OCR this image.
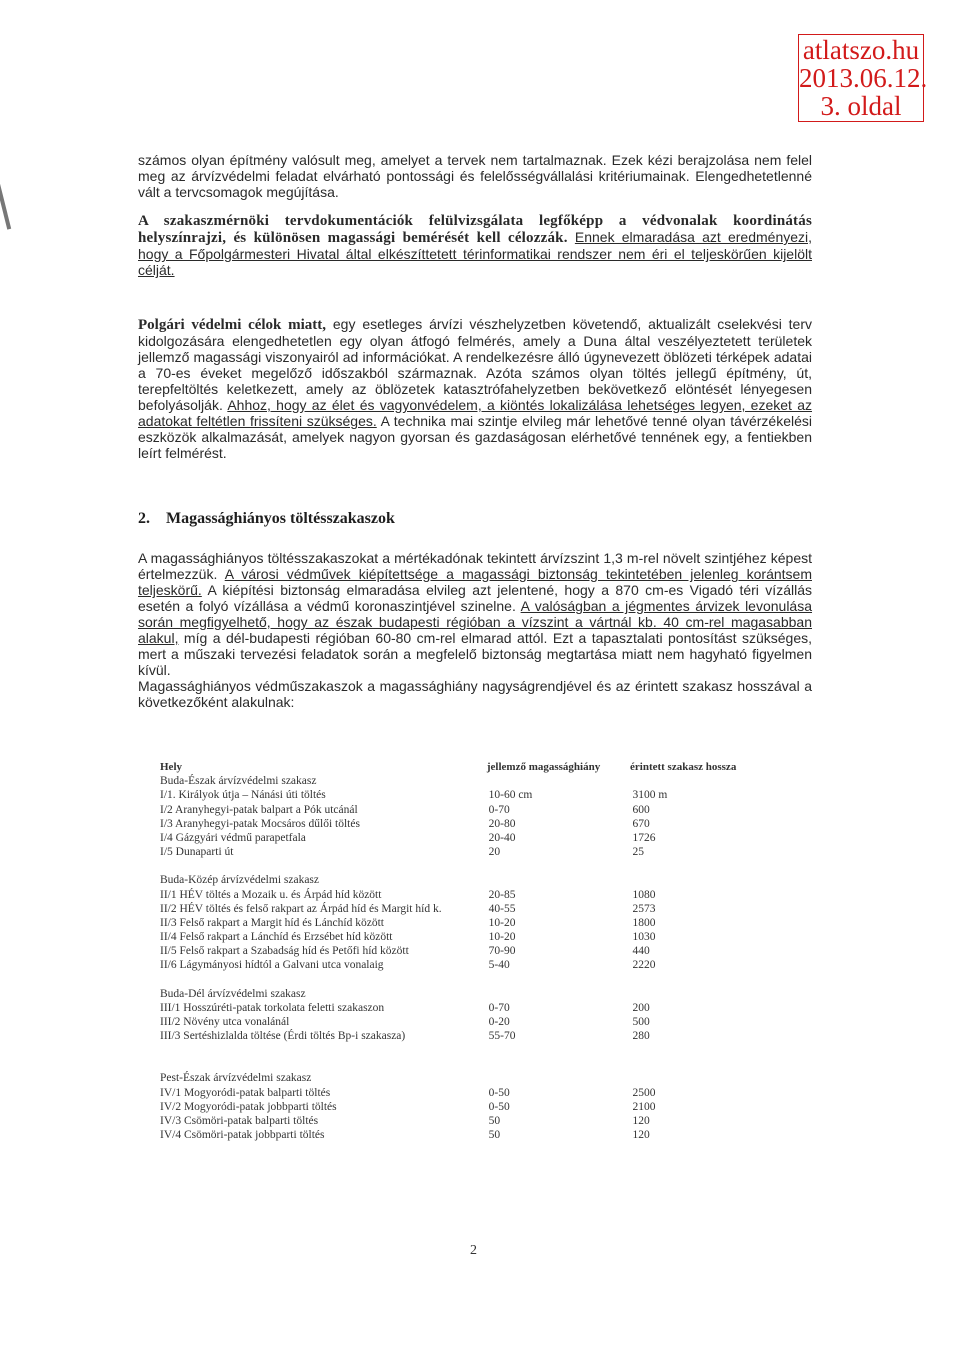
atlatszo.hu
2013.06.12.
3. oldal
számos olyan építmény valósult meg, amelyet a tervek nem tartalmaznak. Ezek kézi berajzolása nem felel meg az árvízvédelmi feladat elvárható pontossági és felelősségvállalási kritériumainak. Elengedhetetlenné vált a tervcsomagok megújítása.
A szakaszmérnöki tervdokumentációk felülvizsgálata legfőképp a védvonalak koordinátás helyszínrajzi, és különösen magassági bemérését kell célozzák. Ennek elmaradása azt eredményezi, hogy a Főpolgármesteri Hivatal által elkészíttetett térinformatikai rendszer nem éri el teljeskörűen kijelölt célját.
Polgári védelmi célok miatt, egy esetleges árvízi vészhelyzetben követendő, aktualizált cselekvési terv kidolgozására elengedhetetlen egy olyan átfogó felmérés, amely a Duna által veszélyeztetett területek jellemző magassági viszonyairól ad információkat. A rendelkezésre álló úgynevezett öblözeti térképek adatai a 70-es éveket megelőző időszakból származnak. Azóta számos olyan töltés jellegű építmény, út, terepfeltöltés keletkezett, amely az öblözetek katasztrófahelyzetben bekövetkező elöntését lényegesen befolyásolják. Ahhoz, hogy az élet és vagyonvédelem, a kiöntés lokalizálása lehetséges legyen, ezeket az adatokat feltétlen frissíteni szükséges. A technika mai szintje elvileg már lehetővé tenné olyan távérzékelési eszközök alkalmazását, amelyek nagyon gyorsan és gazdaságosan elérhetővé tennének egy, a fentiekben leírt felmérést.
2. Magassághiányos töltésszakaszok
A magassághiányos töltésszakaszokat a mértékadónak tekintett árvízszint 1,3 m-rel növelt szintjéhez képest értelmezzük. A városi védművek kiépítettsége a magassági biztonság tekintetében jelenleg korántsem teljeskörű. A kiépítési biztonság elmaradása elvileg azt jelentené, hogy a 870 cm-es Vigadó téri vízállás esetén a folyó vízállása a védmű koronaszintjével szinelne. A valóságban a jégmentes árvizek levonulása során megfigyelhető, hogy az észak budapesti régióban a vízszint a vártnál kb. 40 cm-rel magasabban alakul, míg a dél-budapesti régióban 60-80 cm-rel elmarad attól. Ezt a tapasztalati pontosítást szükséges, mert a műszaki tervezési feladatok során a megfelelő biztonság megtartása miatt nem hagyható figyelmen kívül.
Magassághiányos védműszakaszok a magassághiány nagyságrendjével és az érintett szakasz hosszával a következőként alakulnak:
Hely	jellemző magassághiány	érintett szakasz hossza
Buda-Észak árvízvédelmi szakasz
I/1. Királyok útja – Nánási úti töltés	10-60 cm	3100 m
I/2 Aranyhegyi-patak balpart a Pók utcánál	0-70	600
I/3 Aranyhegyi-patak Mocsáros dűlői töltés	20-80	670
I/4 Gázgyári védmű parapetfala	20-40	1726
I/5 Dunaparti út	20	25
Buda-Közép árvízvédelmi szakasz
II/1 HÉV töltés a Mozaik u. és Árpád híd között	20-85	1080
II/2 HÉV töltés és felső rakpart az Árpád híd és Margit híd k.	40-55	2573
II/3 Felső rakpart a Margit híd és Lánchíd között	10-20	1800
II/4 Felső rakpart a Lánchíd és Erzsébet híd között	10-20	1030
II/5 Felső rakpart a Szabadság híd és Petőfi híd között	70-90	440
II/6 Lágymányosi hídtól a Galvani utca vonalaig	5-40	2220
Buda-Dél árvízvédelmi szakasz
III/1 Hosszúréti-patak torkolata feletti szakaszon	0-70	200
III/2 Növény utca vonalánál	0-20	500
III/3 Sertéshizlalda töltése (Érdi töltés Bp-i szakasza)	55-70	280
Pest-Észak árvízvédelmi szakasz
IV/1 Mogyoródi-patak balparti töltés	0-50	2500
IV/2 Mogyoródi-patak jobbparti töltés	0-50	2100
IV/3 Csömöri-patak balparti töltés	50	120
IV/4 Csömöri-patak jobbparti töltés	50	120
2
